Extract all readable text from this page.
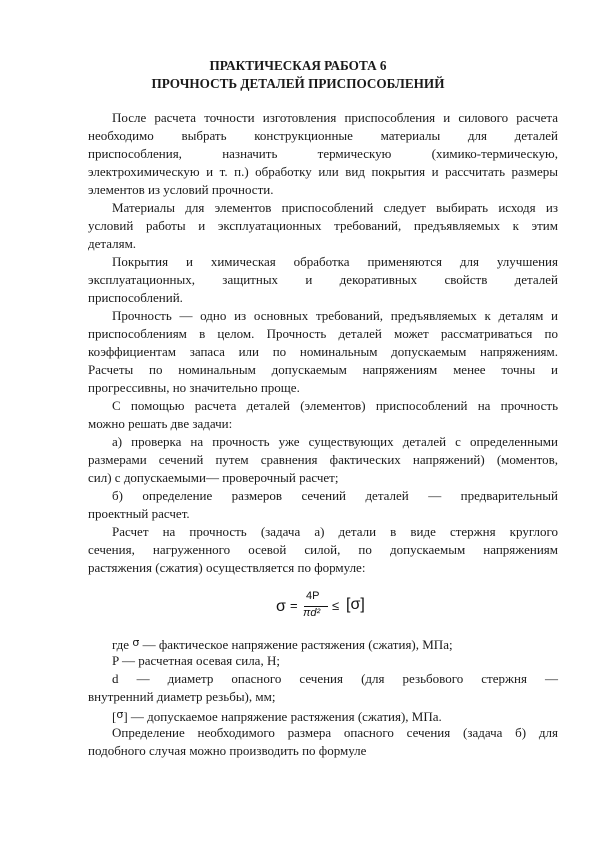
ПРАКТИЧЕСКАЯ РАБОТА 6
ПРОЧНОСТЬ ДЕТАЛЕЙ ПРИСПОСОБЛЕНИЙ
После расчета точности изготовления приспособления и силового расчета
необходимо выбрать конструкционные материалы для деталей
приспособления, назначить термическую (химико-термическую,
электрохимическую и т. п.) обработку или вид покрытия и рассчитать размеры
элементов из условий прочности.
Материалы для элементов приспособлений следует выбирать исходя из
условий работы и эксплуатационных требований, предъявляемых к этим
деталям.
Покрытия и химическая обработка применяются для улучшения
эксплуатационных, защитных и декоративных свойств деталей
приспособлений.
Прочность — одно из основных требований, предъявляемых к деталям и
приспособлениям в целом. Прочность деталей может рассматриваться по
коэффициентам запаса или по номинальным допускаемым напряжениям.
Расчеты по номинальным допускаемым напряжениям менее точны и
прогрессивны, но значительно проще.
С помощью расчета деталей (элементов) приспособлений на прочность
можно решать две задачи:
а) проверка на прочность уже существующих деталей с определенными
размерами сечений путем сравнения фактических напряжений) (моментов,
сил) с допускаемыми— проверочный расчет;
б) определение размеров сечений деталей — предварительный
проектный расчет.
Расчет на прочность (задача а) детали в виде стержня круглого
сечения, нагруженного осевой силой, по допускаемым напряжениям
растяжения (сжатия) осуществляется по формуле:
σ =
4P
πd² ≤ [σ]
где $^\sigma$ — фактическое напряжение растяжения (сжатия), МПа;
P — расчетная осевая сила, Н;
d — диаметр опасного сечения (для резьбового стержня —
внутренний диаметр резьбы), мм;
[$^\sigma$] — допускаемое напряжение растяжения (сжатия), МПа.
Определение необходимого размера опасного сечения (задача б) для
подобного случая можно производить по формуле
